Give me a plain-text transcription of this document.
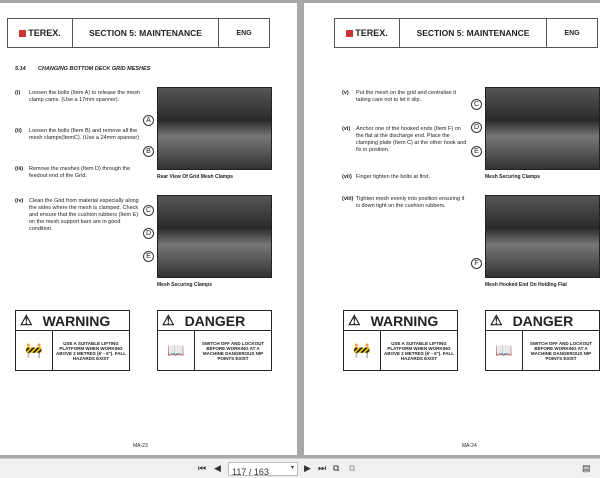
TEREX.	SECTION 5: MAINTENANCE	ENG
5.14 CHANGING BOTTOM DECK GRID MESHES
(i)	Loosen the bolts (Item A) to release the mesh clamp cams. (Use a 17mm spanner).
(ii)	Loosen the bolts (Item B) and remove all the mesh clamps(ItemC). (Use a 24mm spanner)
(iii)	Remove the meshes (Item D) through the feedout end of the Grid.
(iv)	Clean the Grid from material especially along the sides where the mesh is clamped. Check and ensure that the cushion rubbers (Item E) on the mesh support bars are in good condition.
A
B
Rear View Of Grid Mesh Clamps
C
D
E
Mesh Securing Clamps
⚠ WARNING
🚧	USE A SUITABLE LIFTING PLATFORM WHEN WORKING ABOVE 2 METRES (6' - 6"). FALL HAZARDS EXIST
⚠ DANGER
📖	SWITCH OFF AND LOCKOUT BEFORE WORKING AT A MACHINE DANGEROUS NIP POINTS EXIST
MA-23
TEREX.	SECTION 5: MAINTENANCE	ENG
(v)	Put the mesh on the grid and centralise it taking care not to let it slip.
(vi)	Anchor one of the hooked ends (Item F) on the flat at the discharge end. Place the clamping plate (Item C) at the other hook and fix in position.
(vii) Finger tighten the bolts at first.
(viii) Tighten mesh evenly into position ensuring it is down tight on the cushion rubbers.
C
D
E
Mesh Securing Clamps
F
Mesh Hooked End On Holding Flat
⚠ WARNING
🚧	USE A SUITABLE LIFTING PLATFORM WHEN WORKING ABOVE 2 METRES (6' - 6"). FALL HAZARDS EXIST
⚠ DANGER
📖	SWITCH OFF AND LOCKOUT BEFORE WORKING AT A MACHINE DANGEROUS NIP POINTS EXIST
MA-24
⏮ ◀ 117 / 163	▾ ▶ ⏭ ⧉ ⧉	▤
